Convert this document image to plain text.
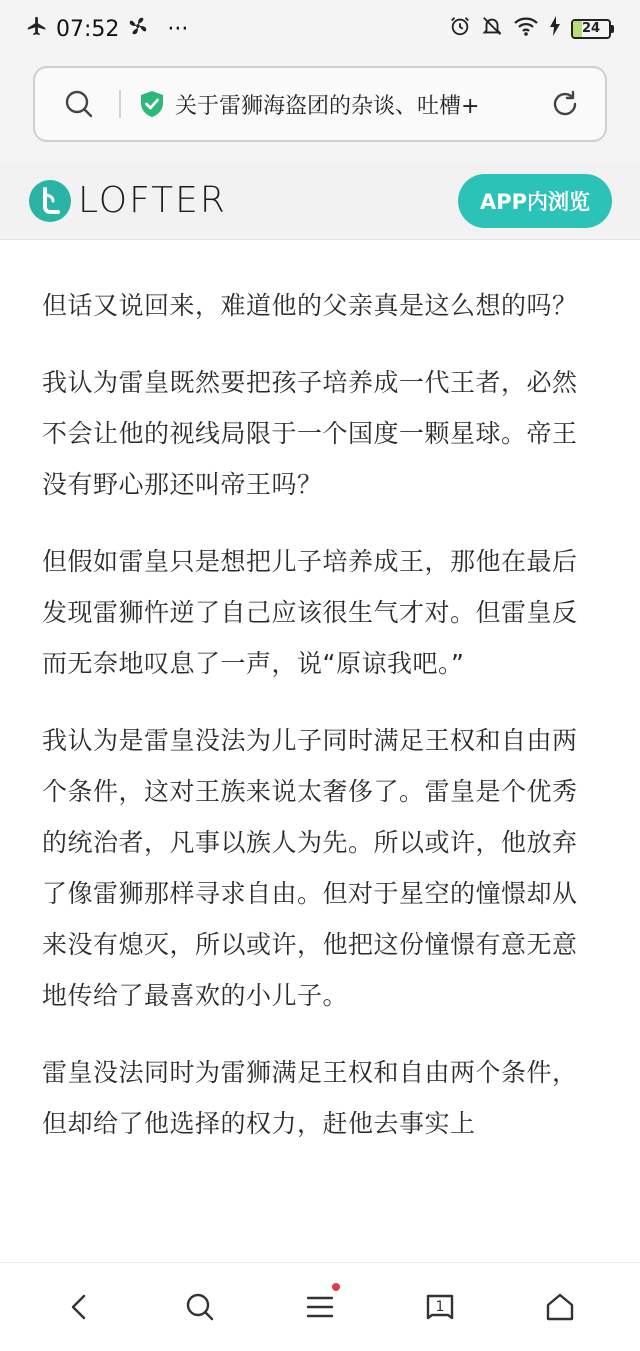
07:52 ···	24
关于雷狮海盗团的杂谈、吐槽+
LOFTER	APP内浏览

但话又说回来，难道他的父亲真是这么想的吗？

我认为雷皇既然要把孩子培养成一代王者，必然不会让他的视线局限于一个国度一颗星球。帝王没有野心那还叫帝王吗？

但假如雷皇只是想把儿子培养成王，那他在最后发现雷狮忤逆了自己应该很生气才对。但雷皇反而无奈地叹息了一声，说“原谅我吧。”

我认为是雷皇没法为儿子同时满足王权和自由两个条件，这对王族来说太奢侈了。雷皇是个优秀的统治者，凡事以族人为先。所以或许，他放弃了像雷狮那样寻求自由。但对于星空的憧憬却从来没有熄灭，所以或许，他把这份憧憬有意无意地传给了最喜欢的小儿子。

雷皇没法同时为雷狮满足王权和自由两个条件，但却给了他选择的权力，赶他去事实上

1
